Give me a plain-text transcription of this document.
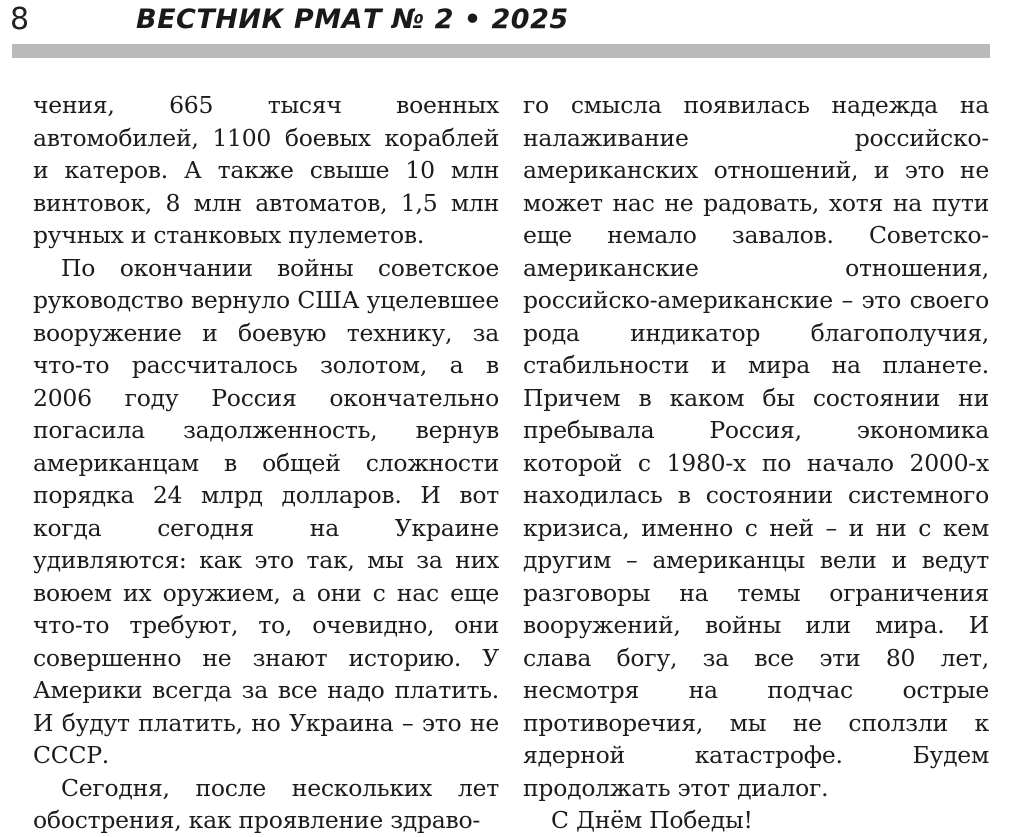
8	ВЕСТНИК РМАТ № 2 • 2025

чения, 665 тысяч военных автомобилей, 1100 боевых кораблей и катеров. А также свыше 10 млн винтовок, 8 млн автоматов, 1,5 млн ручных и станковых пулеметов.

По окончании войны советское руководство вернуло США уцелевшее вооружение и боевую технику, за что-то рассчиталось золотом, а в 2006 году Россия окончательно погасила задолженность, вернув американцам в общей сложности порядка 24 млрд долларов. И вот когда сегодня на Украине удивляются: как это так, мы за них воюем их оружием, а они с нас еще что-то требуют, то, очевидно, они совершенно не знают историю. У Америки всегда за все надо платить. И будут платить, но Украина – это не СССР.

Сегодня, после нескольких лет обострения, как проявление здраво-

го смысла появилась надежда на налаживание российско-американских отношений, и это не может нас не радовать, хотя на пути еще немало завалов. Советско-американские отношения, российско-американские – это своего рода индикатор благополучия, стабильности и мира на планете. Причем в каком бы состоянии ни пребывала Россия, экономика которой с 1980-х по начало 2000-х находилась в состоянии системного кризиса, именно с ней – и ни с кем другим – американцы вели и ведут разговоры на темы ограничения вооружений, войны или мира. И слава богу, за все эти 80 лет, несмотря на подчас острые противоречия, мы не сползли к ядерной катастрофе. Будем продолжать этот диалог.

С Днём Победы!
